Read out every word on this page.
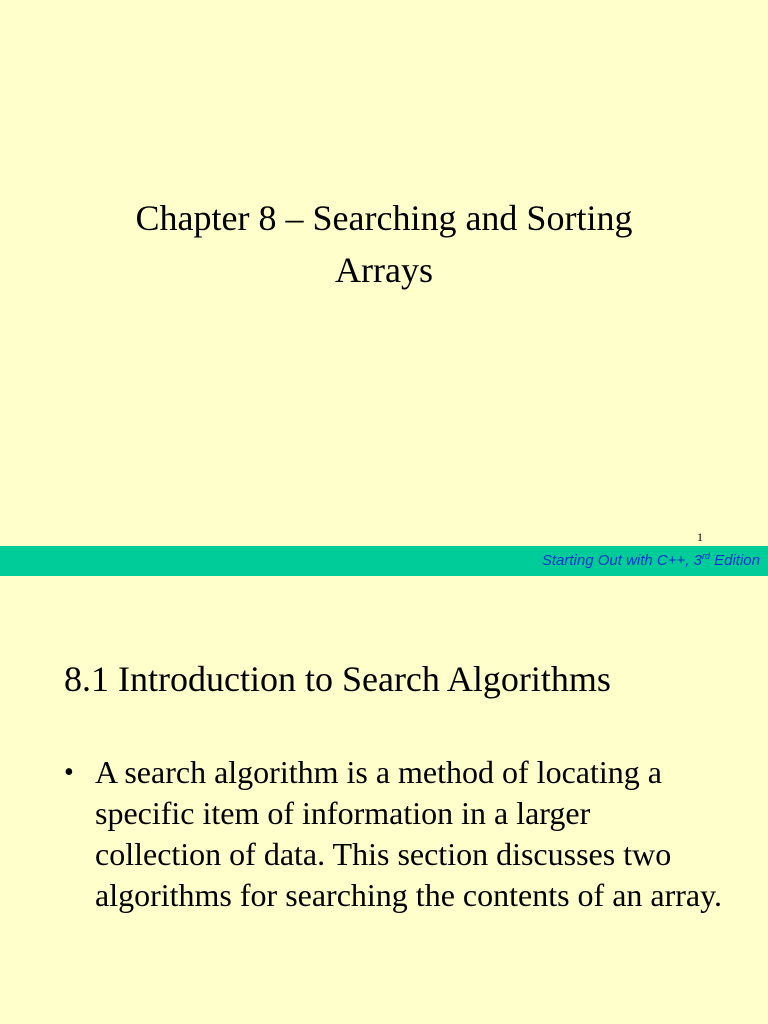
Chapter 8 – Searching and Sorting
Arrays
1
Starting Out with C++, 3rd Edition
8.1 Introduction to Search Algorithms
• A search algorithm is a method of locating a specific item of information in a larger collection of data. This section discusses two algorithms for searching the contents of an array.
